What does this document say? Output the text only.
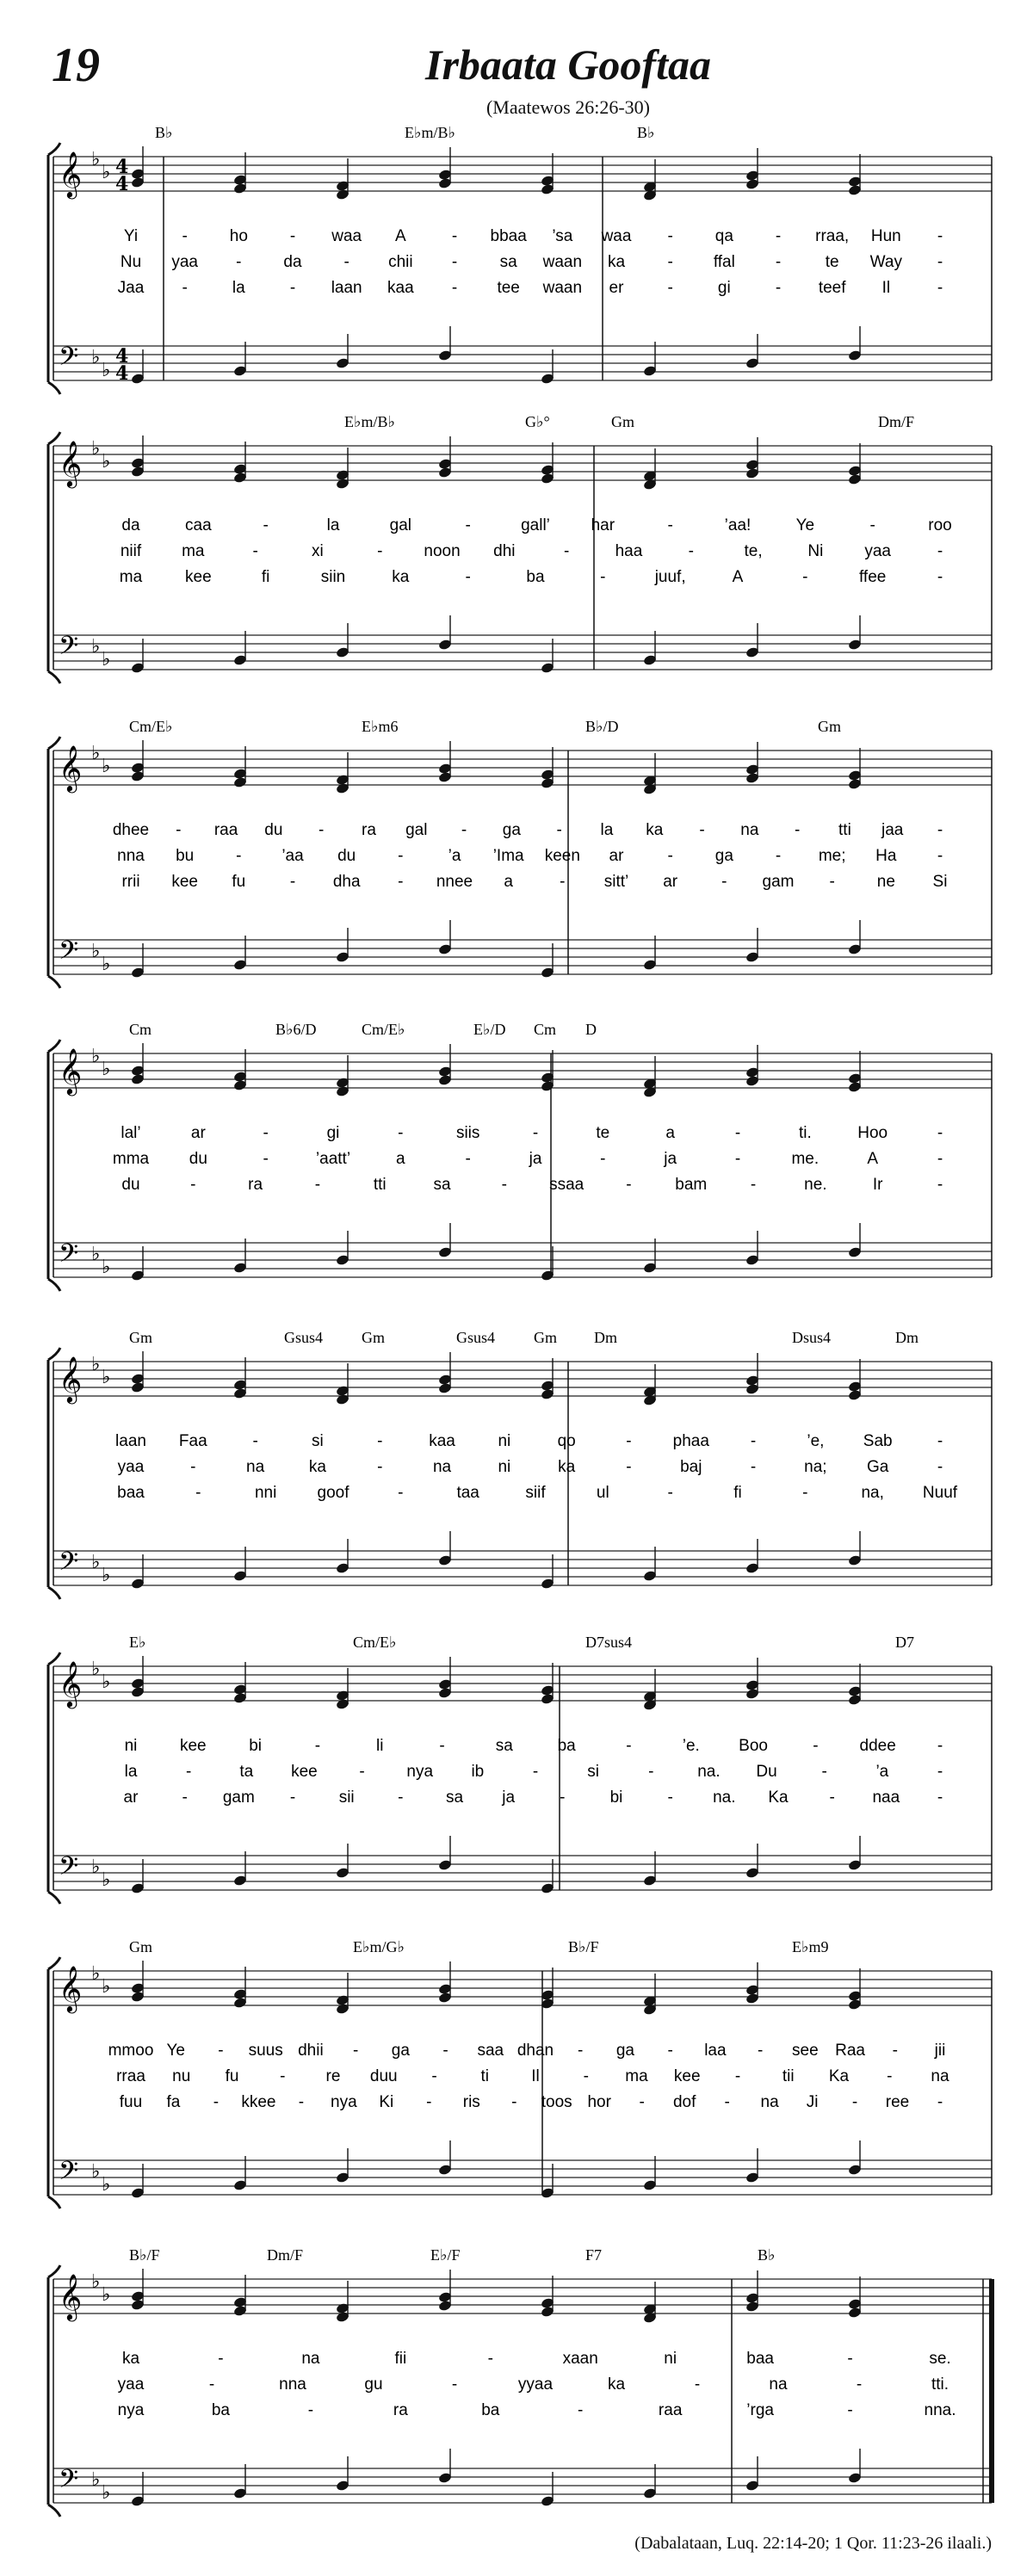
19	Irbaata Gooftaa
(Maatewos 26:26-30)
𝄞 ♭
♭
𝄢 ♭
♭
4
4
4
4
B♭	E♭m/B♭	B♭
Yi	-	ho	- waa A	- bbaa ’sa waa -	qa	- rraa, Hun -
Nu yaa -	da	- chii -	sa waan ka	- ffal -	te Way -
Jaa -	la	- laan kaa - tee waan er	-	gi	- teef Il	-
𝄞 ♭
♭
𝄢 ♭
♭
E♭m/B♭	G♭°	Gm	Dm/F
da	caa	-	la	gal	-	gall’	har	-	’aa!	Ye	-	roo
niif ma	-	xi	-	noon dhi	-	haa	-	te,	Ni	yaa	-
ma	kee	fi	siin	ka	-	ba	-	juuf,	A	-	ffee	-
𝄞 ♭
♭
𝄢 ♭
♭
Cm/E♭	E♭m6	B♭/D	Gm
dhee - raa du - ra gal - ga - la ka - na - tti jaa -
nna bu	- ’aa du	-	’a ’Ima keen ar	-	ga	- me; Ha -
rrii kee fu	- dha - nnee a	- sitt’ ar	- gam -	ne Si
𝄞 ♭
♭
𝄢 ♭
♭
Cm	B♭6/D	Cm/E♭	E♭/D Cm D
lal’	ar	-	gi	-	siis	-	te	a	-	ti.	Hoo	-
mma du	-	’aatt’	a	-	ja	-	ja	-	me.	A	-
du	-	ra	-	tti	sa	-	ssaa	-	bam	-	ne.	Ir	-
𝄞 ♭
♭
𝄢 ♭
♭
Gm	Gsus4 Gm	Gsus4 Gm Dm	Dsus4	Dm
laan Faa	-	si	-	kaa	ni	qo	-	phaa	-	’e, Sab	-
yaa	-	na	ka	-	na	ni	ka	-	baj	-	na; Ga	-
baa	-	nni goof	-	taa	siif	ul	-	fi	-	na, Nuuf
𝄞 ♭
♭
𝄢 ♭
♭
E♭	Cm/E♭	D7sus4	D7
ni	kee	bi	-	li	-	sa	ba	-	’e. Boo	-	ddee	-
la	-	ta kee	-	nya ib	-	si	-	na. Du	-	’a	-
ar	- gam -	sii	-	sa ja	-	bi	- na. Ka	- naa -
𝄞 ♭
♭
𝄢 ♭
♭
Gm	E♭m/G♭	B♭/F	E♭m9
mmoo Ye - suus dhii - ga - saa dhan - ga - laa - see Raa - jii
rraa nu fu	- re duu -	ti	Il	- ma kee -	tii Ka - na
fuu fa - kkee - nya Ki - ris - toos hor - dof - na Ji - ree -
𝄞 ♭
♭
𝄢 ♭
♭
B♭/F	Dm/F	E♭/F	F7	B♭
ka	-	na	fii	-	xaan	ni	baa	-	se.
yaa	-	nna	gu	-	yyaa	ka	-	na	-	tti.
nya	ba	-	ra	ba	-	raa	’rga	-	nna.
(Dabalataan, Luq. 22:14-20; 1 Qor. 11:23-26 ilaali.)
